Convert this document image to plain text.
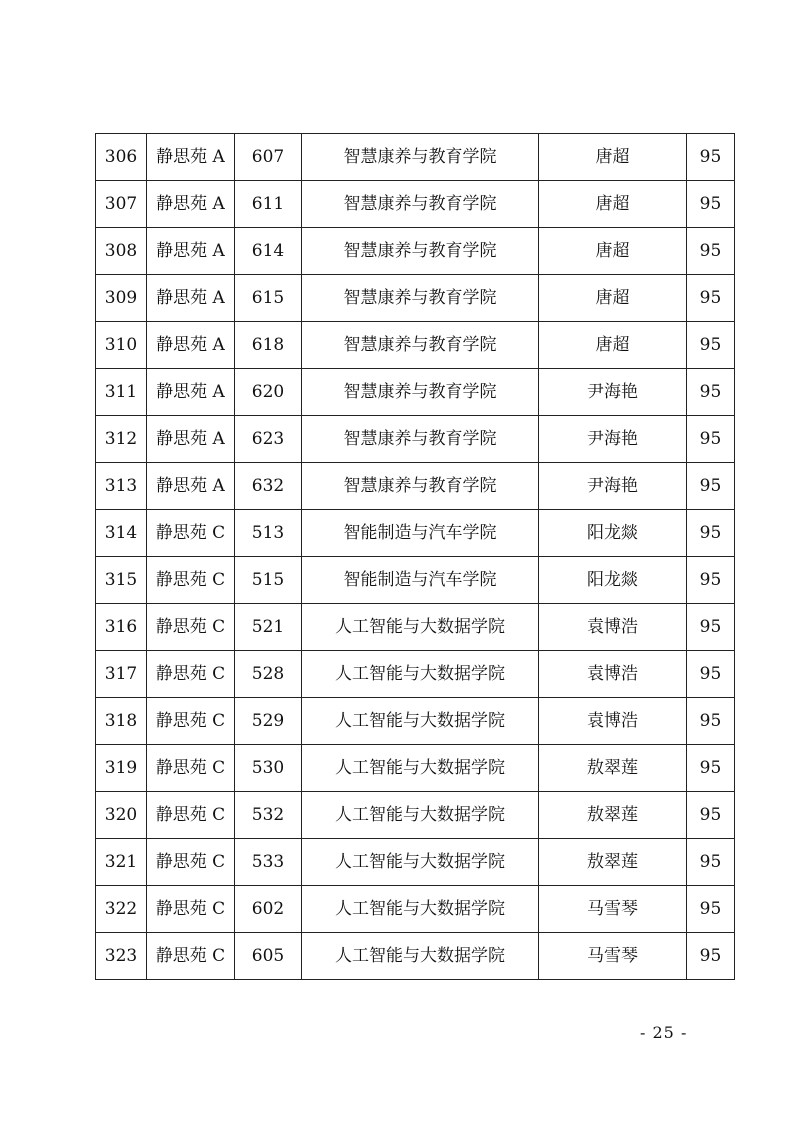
306	静思苑 A	607	智慧康养与教育学院	唐超	95
307	静思苑 A	611	智慧康养与教育学院	唐超	95
308	静思苑 A	614	智慧康养与教育学院	唐超	95
309	静思苑 A	615	智慧康养与教育学院	唐超	95
310	静思苑 A	618	智慧康养与教育学院	唐超	95
311	静思苑 A	620	智慧康养与教育学院	尹海艳	95
312	静思苑 A	623	智慧康养与教育学院	尹海艳	95
313	静思苑 A	632	智慧康养与教育学院	尹海艳	95
314	静思苑 C	513	智能制造与汽车学院	阳龙燚	95
315	静思苑 C	515	智能制造与汽车学院	阳龙燚	95
316	静思苑 C	521	人工智能与大数据学院	袁博浩	95
317	静思苑 C	528	人工智能与大数据学院	袁博浩	95
318	静思苑 C	529	人工智能与大数据学院	袁博浩	95
319	静思苑 C	530	人工智能与大数据学院	敖翠莲	95
320	静思苑 C	532	人工智能与大数据学院	敖翠莲	95
321	静思苑 C	533	人工智能与大数据学院	敖翠莲	95
322	静思苑 C	602	人工智能与大数据学院	马雪琴	95
323	静思苑 C	605	人工智能与大数据学院	马雪琴	95
- 25 -
